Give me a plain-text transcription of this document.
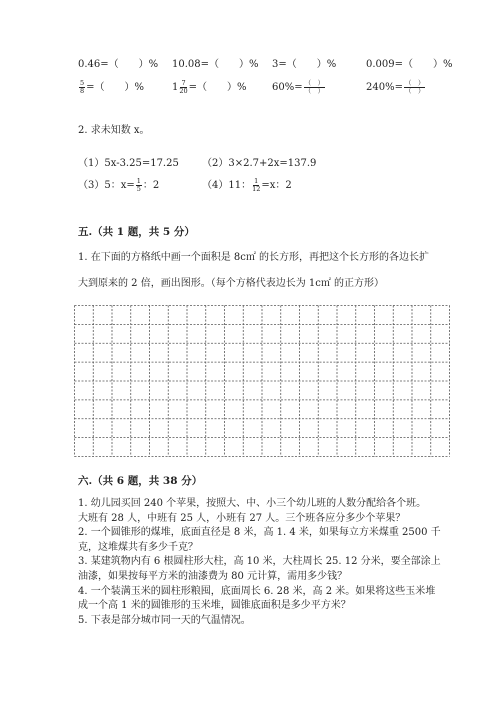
0.46=（　　 ）% 10.08=（　　 ）% 3=（　　 ）%	0.009=（　　 ）%
$\frac{5}{8}$ =（　　）%	$1 \frac{7}{20}$ =（　　）%	$60\%= \frac{( )}{( )}$	$240\%= \frac{( )}{( )}$
2. 求未知数 x。
（1）5x-3.25=17.25 （2）3×2.7+2x=137.9
（3）5：$x= \frac{1}{5}$ ：2	（4）11： $\frac{1}{12} =x$：2
五.（共 1 题，共 5 分）
1. 在下面的方格纸中画一个面积是 8c㎡ 的长方形，再把这个长方形的各边长扩
大到原来的 2 倍，画出图形。（每个方格代表边长为 1c㎡ 的正方形）
六.（共 6 题，共 38 分）
1. 幼儿园买回 240 个苹果，按照大、中、小三个幼儿班的人数分配给各个班。
大班有 28 人，中班有 25 人，小班有 27 人。三个班各应分多少个苹果？
2. 一个圆锥形的煤堆，底面直径是 8 米，高 1. 4 米，如果每立方米煤重 2500 千
克，这堆煤共有多少千克？
3. 某建筑物内有 6 根圆柱形大柱，高 10 米，大柱周长 25. 12 分米，要全部涂上
油漆，如果按每平方米的油漆费为 80 元计算，需用多少钱？
4. 一个装满玉米的圆柱形粮囤，底面周长 6. 28 米，高 2 米。如果将这些玉米堆
成一个高 1 米的圆锥形的玉米堆，圆锥底面积是多少平方米？
5. 下表是部分城市同一天的气温情况。
